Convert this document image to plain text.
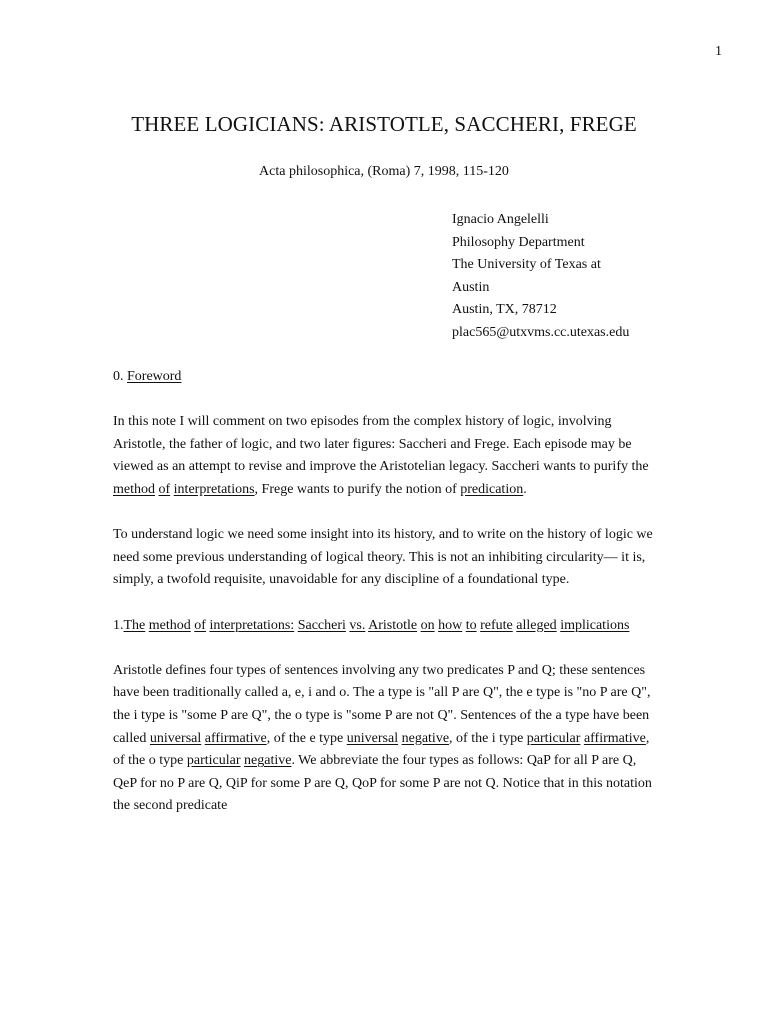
1
THREE LOGICIANS: ARISTOTLE, SACCHERI, FREGE
Acta philosophica, (Roma) 7, 1998, 115-120
Ignacio Angelelli
Philosophy Department
The University of Texas at
Austin
Austin, TX, 78712
plac565@utxvms.cc.utexas.edu

0. Foreword

In this note I will comment on two episodes from the complex history of logic, involving Aristotle, the father of logic, and two later figures: Saccheri and Frege. Each episode may be viewed as an attempt to revise and improve the Aristotelian legacy. Saccheri wants to purify the method of interpretations, Frege wants to purify the notion of predication.

To understand logic we need some insight into its history, and to write on the history of logic we need some previous understanding of logical theory. This is not an inhibiting circularity— it is, simply, a twofold requisite, unavoidable for any discipline of a foundational type.

1.The method of interpretations: Saccheri vs. Aristotle on how to refute alleged implications

Aristotle defines four types of sentences involving any two predicates P and Q; these sentences have been traditionally called a, e, i and o. The a type is "all P are Q", the e type is "no P are Q", the i type is "some P are Q", the o type is "some P are not Q". Sentences of the a type have been called universal affirmative, of the e type universal negative, of the i type particular affirmative, of the o type particular negative. We abbreviate the four types as follows: QaP for all P are Q, QeP for no P are Q, QiP for some P are Q, QoP for some P are not Q. Notice that in this notation the second predicate
